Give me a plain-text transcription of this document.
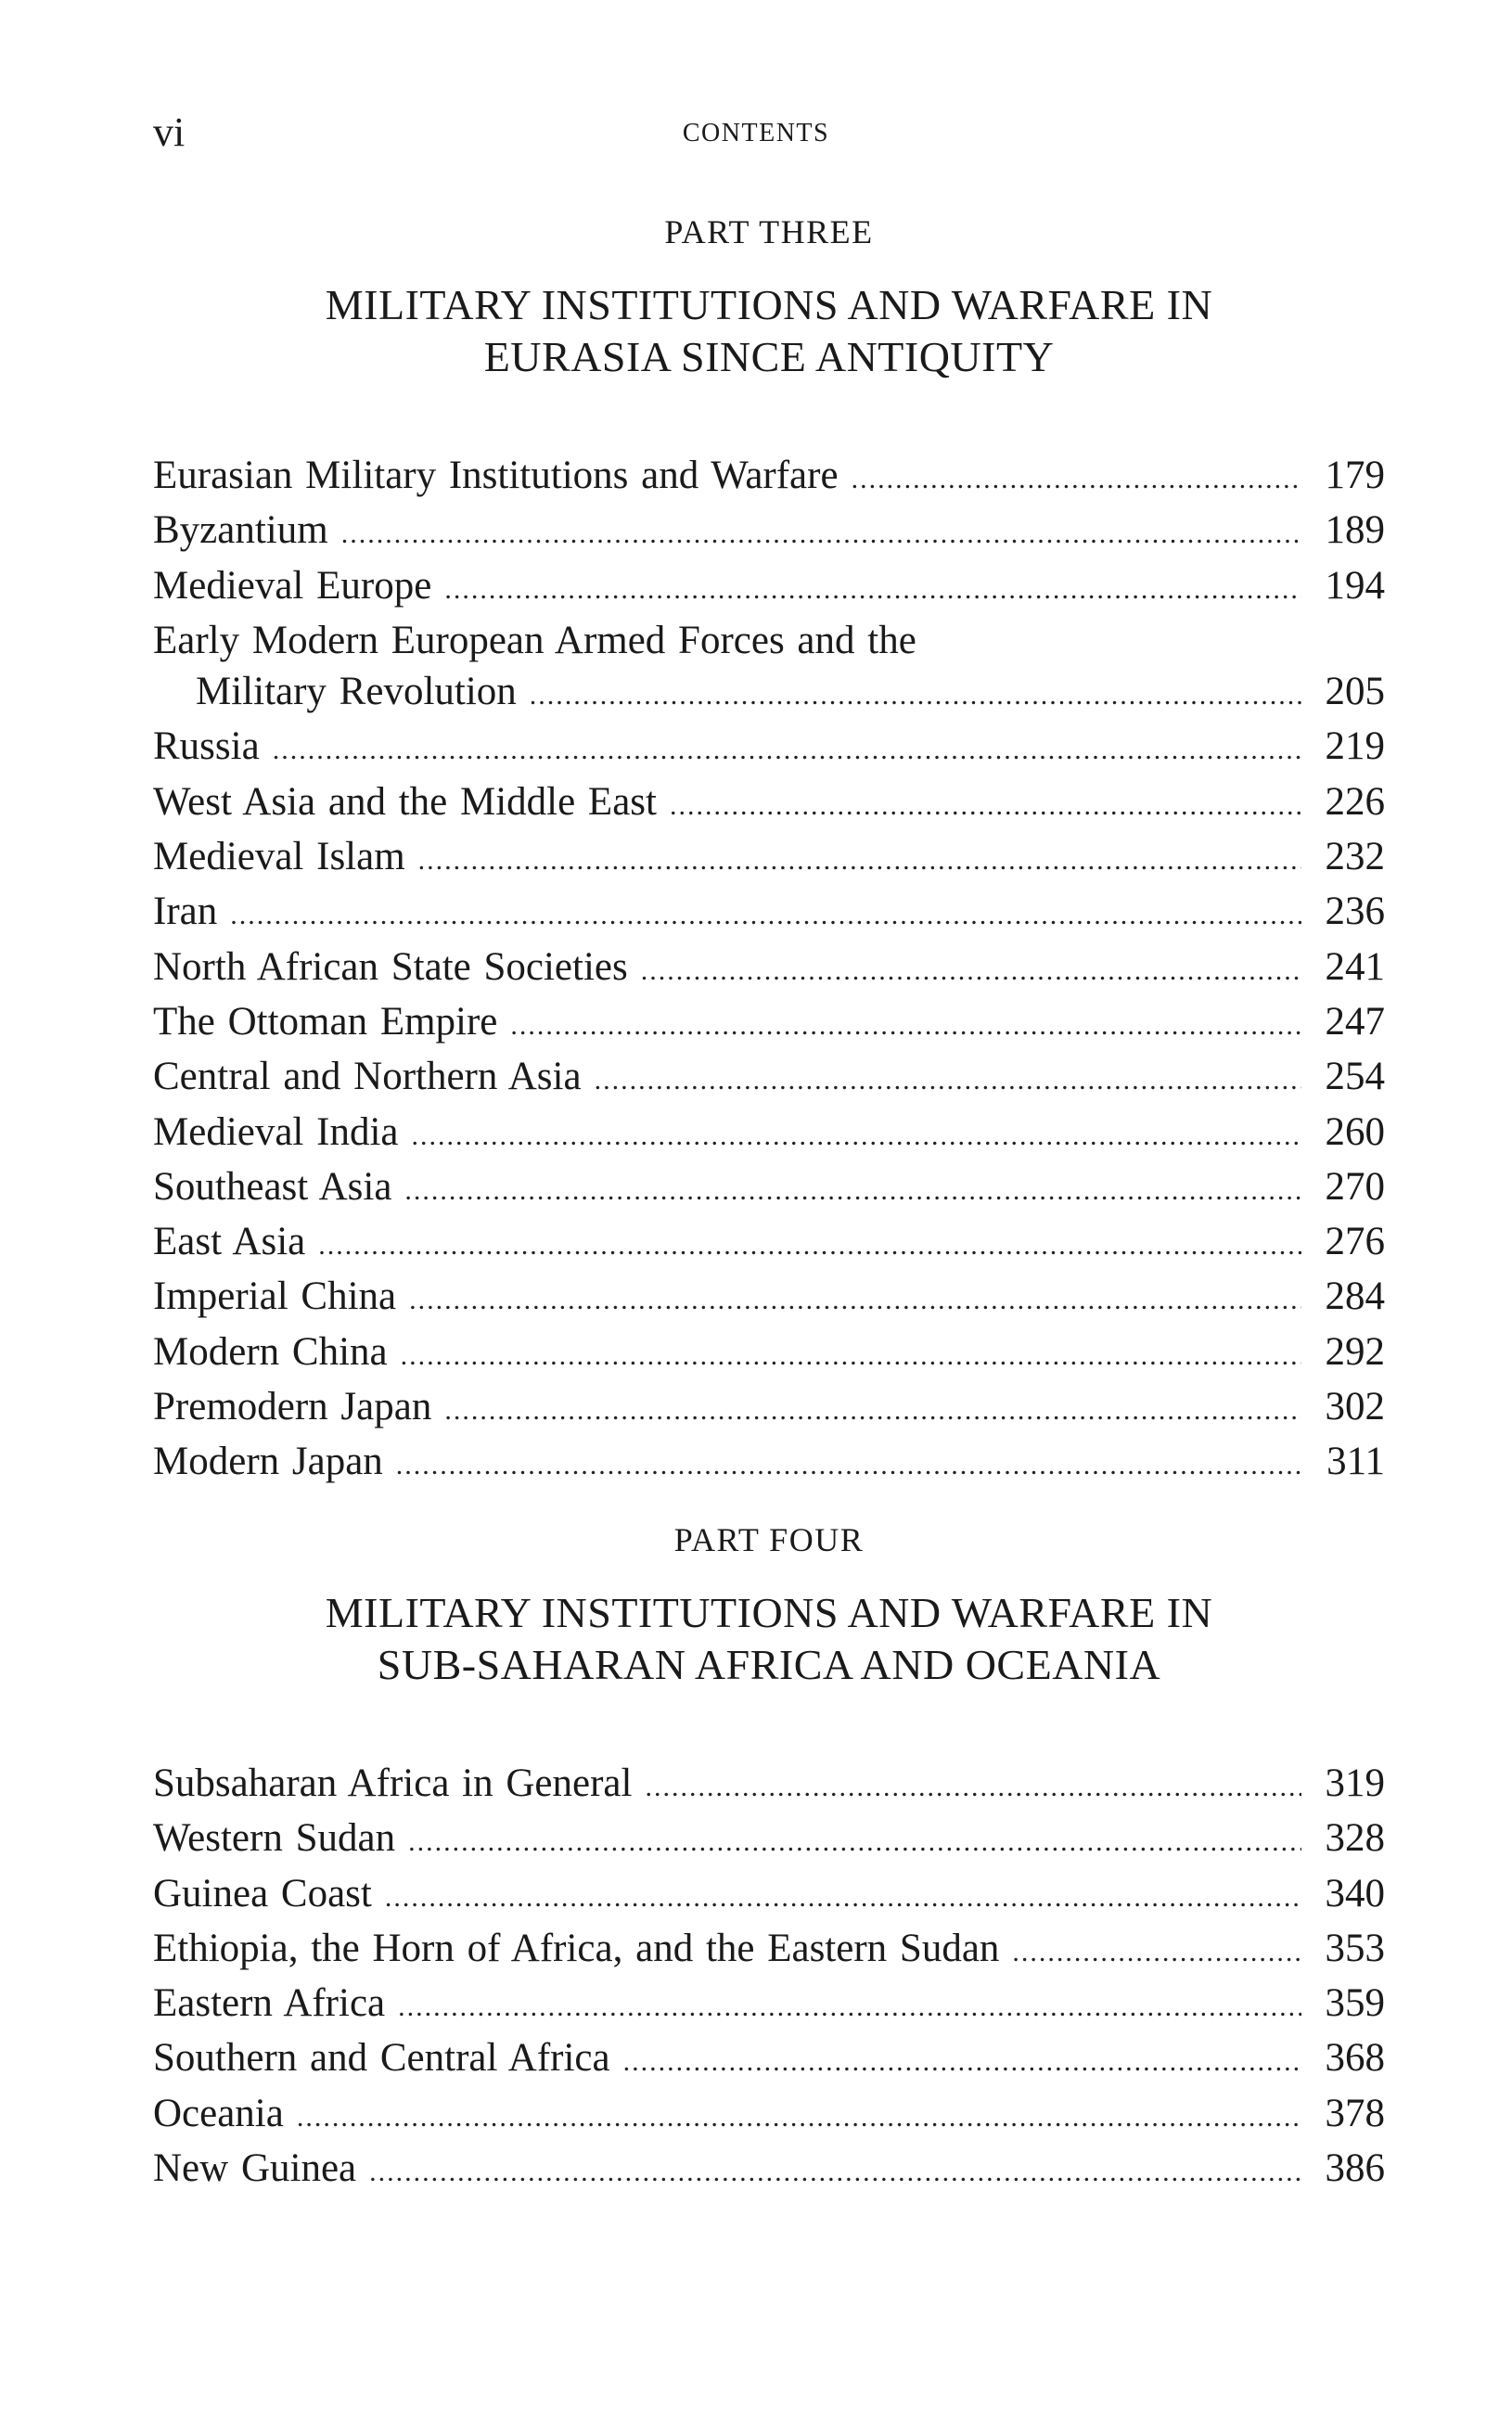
vi	CONTENTS

PART THREE

MILITARY INSTITUTIONS AND WARFARE IN
EURASIA SINCE ANTIQUITY
Eurasian Military Institutions and Warfare .....	179
Byzantium .....	189
Medieval Europe .....	194
Early Modern European Armed Forces and the
Military Revolution .....	205
Russia .....	219
West Asia and the Middle East .....	226
Medieval Islam .....	232
Iran .....	236
North African State Societies .....	241
The Ottoman Empire .....	247
Central and Northern Asia .....	254
Medieval India .....	260
Southeast Asia .....	270
East Asia .....	276
Imperial China .....	284
Modern China .....	292
Premodern Japan .....	302
Modern Japan .....	311

PART FOUR

MILITARY INSTITUTIONS AND WARFARE IN
SUB-SAHARAN AFRICA AND OCEANIA
Subsaharan Africa in General .....	319
Western Sudan .....	328
Guinea Coast .....	340
Ethiopia, the Horn of Africa, and the Eastern Sudan .....	353
Eastern Africa .....	359
Southern and Central Africa .....	368
Oceania .....	378
New Guinea .....	386
